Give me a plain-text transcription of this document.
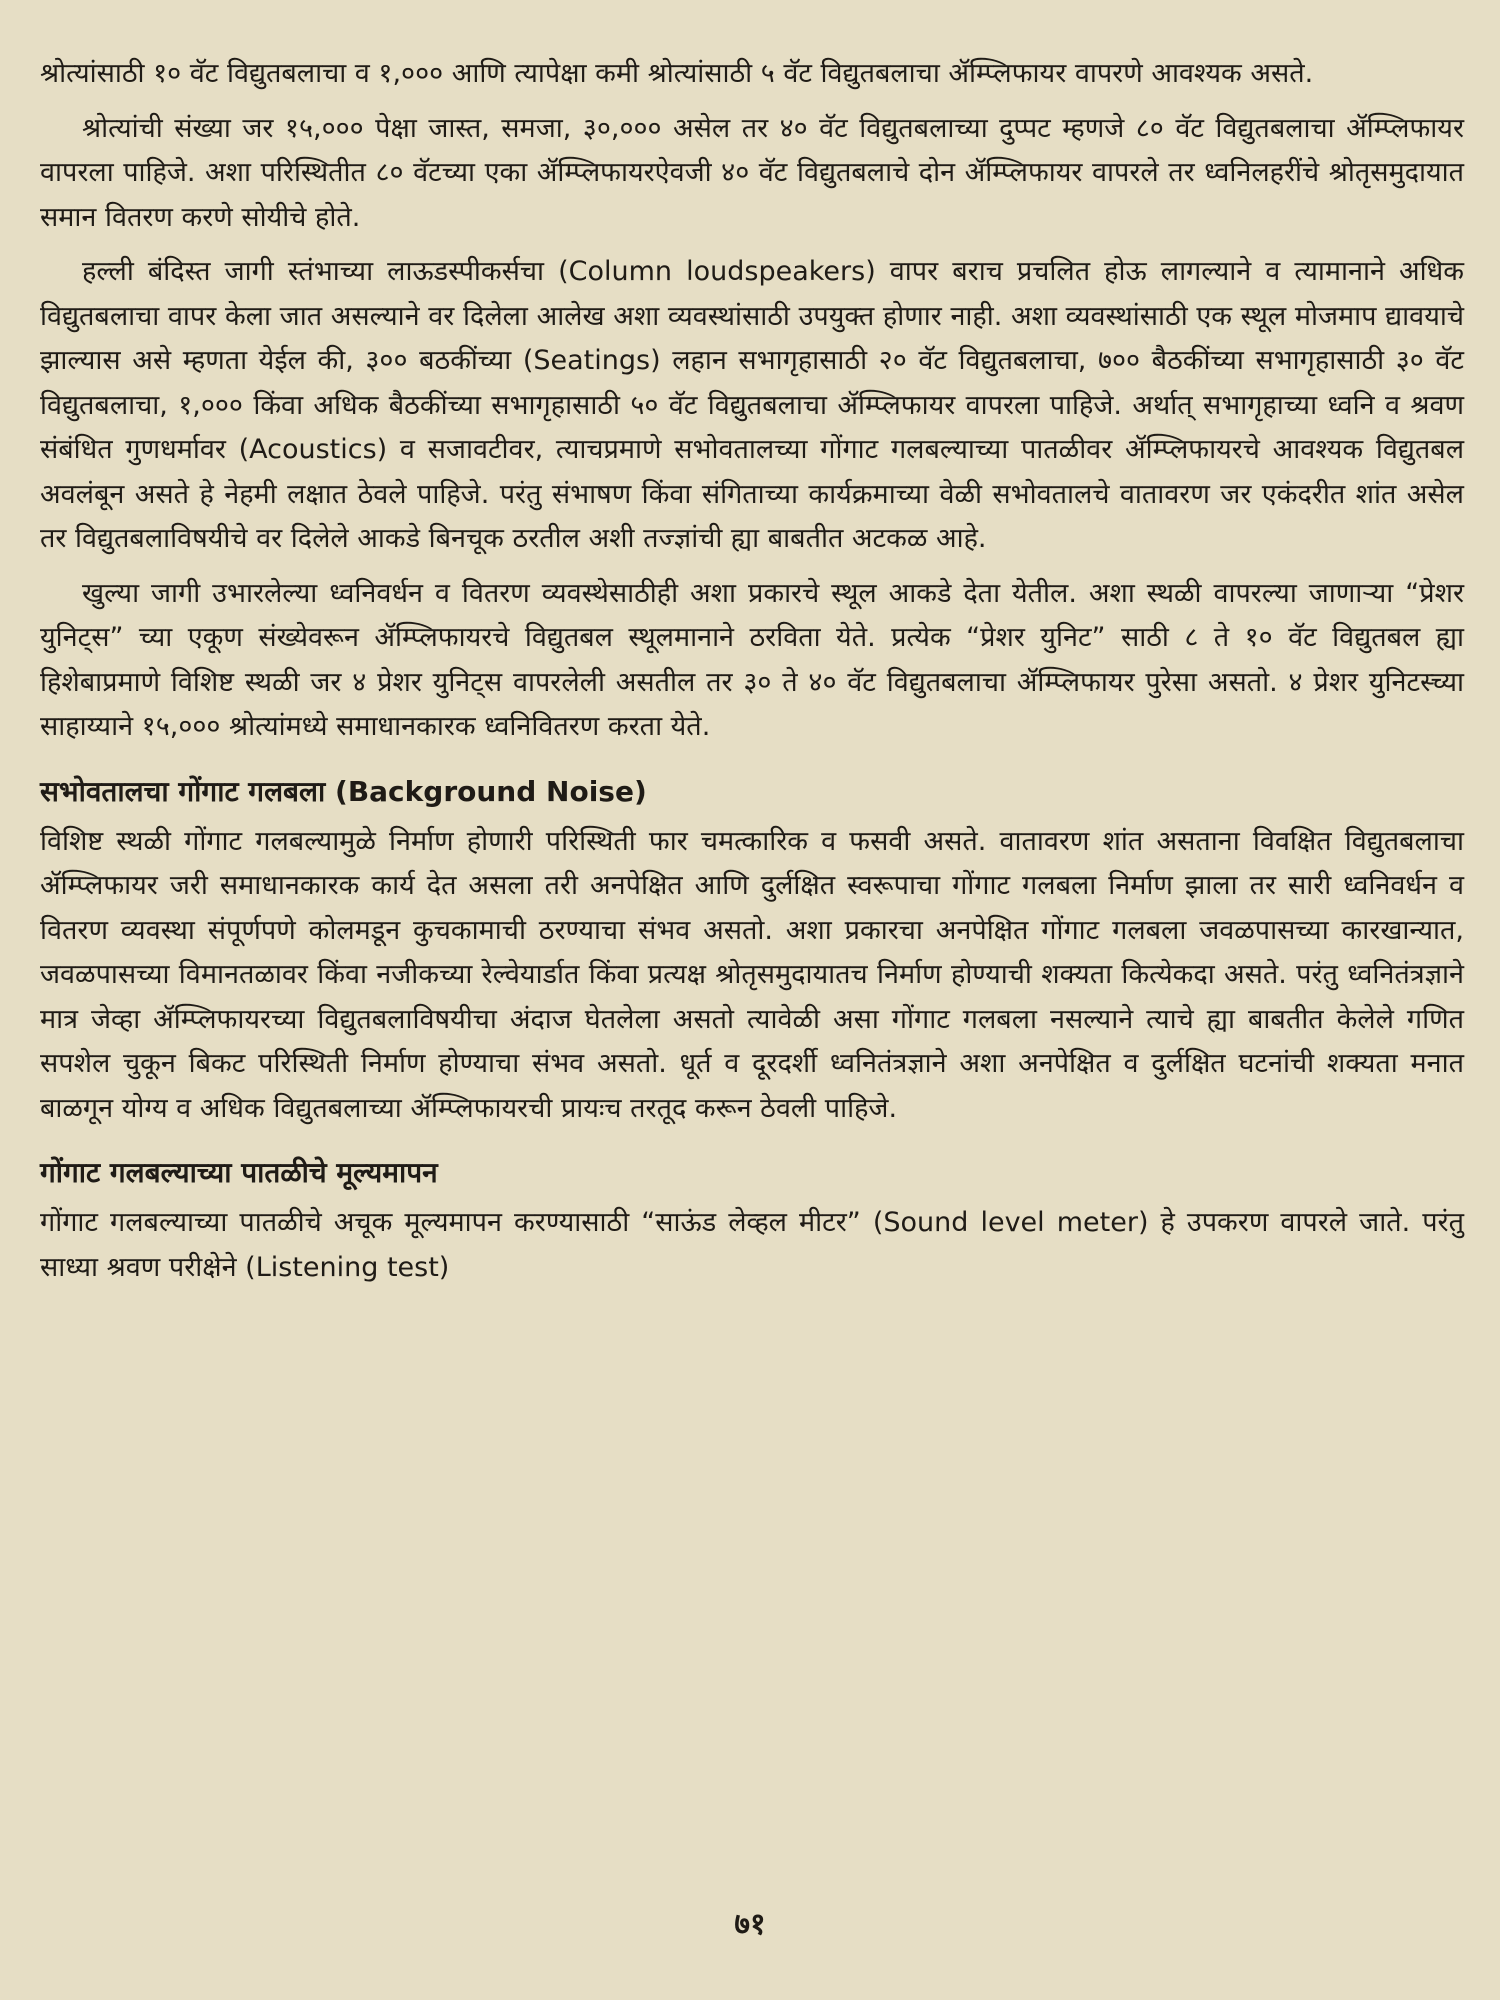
श्रोत्यांसाठी १० वॅट विद्युतबलाचा व १,००० आणि त्यापेक्षा कमी श्रोत्यांसाठी ५ वॅट विद्युतबलाचा ॲम्प्लिफायर वापरणे आवश्यक असते.

श्रोत्यांची संख्या जर १५,००० पेक्षा जास्त, समजा, ३०,००० असेल तर ४० वॅट विद्युतबलाच्या दुप्पट म्हणजे ८० वॅट विद्युतबलाचा ॲम्प्लिफायर वापरला पाहिजे. अशा परिस्थितीत ८० वॅटच्या एका ॲम्प्लिफायरऐवजी ४० वॅट विद्युतबलाचे दोन ॲम्प्लिफायर वापरले तर ध्वनिलहरींचे श्रोतृसमुदायात समान वितरण करणे सोयीचे होते.

हल्ली बंदिस्त जागी स्तंभाच्या लाऊडस्पीकर्सचा (Column loudspeakers) वापर बराच प्रचलित होऊ लागल्याने व त्यामानाने अधिक विद्युतबलाचा वापर केला जात असल्याने वर दिलेला आलेख अशा व्यवस्थांसाठी उपयुक्त होणार नाही. अशा व्यवस्थांसाठी एक स्थूल मोजमाप द्यावयाचे झाल्यास असे म्हणता येईल की, ३०० बठकींच्या (Seatings) लहान सभागृहासाठी २० वॅट विद्युतबलाचा, ७०० बैठकींच्या सभागृहासाठी ३० वॅट विद्युतबलाचा, १,००० किंवा अधिक बैठकींच्या सभागृहासाठी ५० वॅट विद्युतबलाचा ॲम्प्लिफायर वापरला पाहिजे. अर्थात् सभागृहाच्या ध्वनि व श्रवण संबंधित गुणधर्मावर (Acoustics) व सजावटीवर, त्याचप्रमाणे सभोवतालच्या गोंगाट गलबल्याच्या पातळीवर ॲम्प्लिफायरचे आवश्यक विद्युतबल अवलंबून असते हे नेहमी लक्षात ठेवले पाहिजे. परंतु संभाषण किंवा संगिताच्या कार्यक्रमाच्या वेळी सभोवतालचे वातावरण जर एकंदरीत शांत असेल तर विद्युतबलाविषयीचे वर दिलेले आकडे बिनचूक ठरतील अशी तज्ज्ञांची ह्या बाबतीत अटकळ आहे.

खुल्या जागी उभारलेल्या ध्वनिवर्धन व वितरण व्यवस्थेसाठीही अशा प्रकारचे स्थूल आकडे देता येतील. अशा स्थळी वापरल्या जाणाऱ्या “प्रेशर युनिट्स” च्या एकूण संख्येवरून ॲम्प्लिफायरचे विद्युतबल स्थूलमानाने ठरविता येते. प्रत्येक “प्रेशर युनिट” साठी ८ ते १० वॅट विद्युतबल ह्या हिशेबाप्रमाणे विशिष्ट स्थळी जर ४ प्रेशर युनिट्स वापरलेली असतील तर ३० ते ४० वॅट विद्युतबलाचा ॲम्प्लिफायर पुरेसा असतो. ४ प्रेशर युनिटस्च्या साहाय्याने १५,००० श्रोत्यांमध्ये समाधानकारक ध्वनिवितरण करता येते.

सभोवतालचा गोंगाट गलबला (Background Noise)

विशिष्ट स्थळी गोंगाट गलबल्यामुळे निर्माण होणारी परिस्थिती फार चमत्कारिक व फसवी असते. वातावरण शांत असताना विवक्षित विद्युतबलाचा ॲम्प्लिफायर जरी समाधानकारक कार्य देत असला तरी अनपेक्षित आणि दुर्लक्षित स्वरूपाचा गोंगाट गलबला निर्माण झाला तर सारी ध्वनिवर्धन व वितरण व्यवस्था संपूर्णपणे कोलमडून कुचकामाची ठरण्याचा संभव असतो. अशा प्रकारचा अनपेक्षित गोंगाट गलबला जवळपासच्या कारखान्यात, जवळपासच्या विमानतळावर किंवा नजीकच्या रेल्वेयार्डात किंवा प्रत्यक्ष श्रोतृसमुदायातच निर्माण होण्याची शक्यता कित्येकदा असते. परंतु ध्वनितंत्रज्ञाने मात्र जेव्हा ॲम्प्लिफायरच्या विद्युतबलाविषयीचा अंदाज घेतलेला असतो त्यावेळी असा गोंगाट गलबला नसल्याने त्याचे ह्या बाबतीत केलेले गणित सपशेल चुकून बिकट परिस्थिती निर्माण होण्याचा संभव असतो. धूर्त व दूरदर्शी ध्वनितंत्रज्ञाने अशा अनपेक्षित व दुर्लक्षित घटनांची शक्यता मनात बाळगून योग्य व अधिक विद्युतबलाच्या ॲम्प्लिफायरची प्रायःच तरतूद करून ठेवली पाहिजे.

गोंगाट गलबल्याच्या पातळीचे मूल्यमापन

गोंगाट गलबल्याच्या पातळीचे अचूक मूल्यमापन करण्यासाठी “साऊंड लेव्हल मीटर” (Sound level meter) हे उपकरण वापरले जाते. परंतु साध्या श्रवण परीक्षेने (Listening test)

७१
